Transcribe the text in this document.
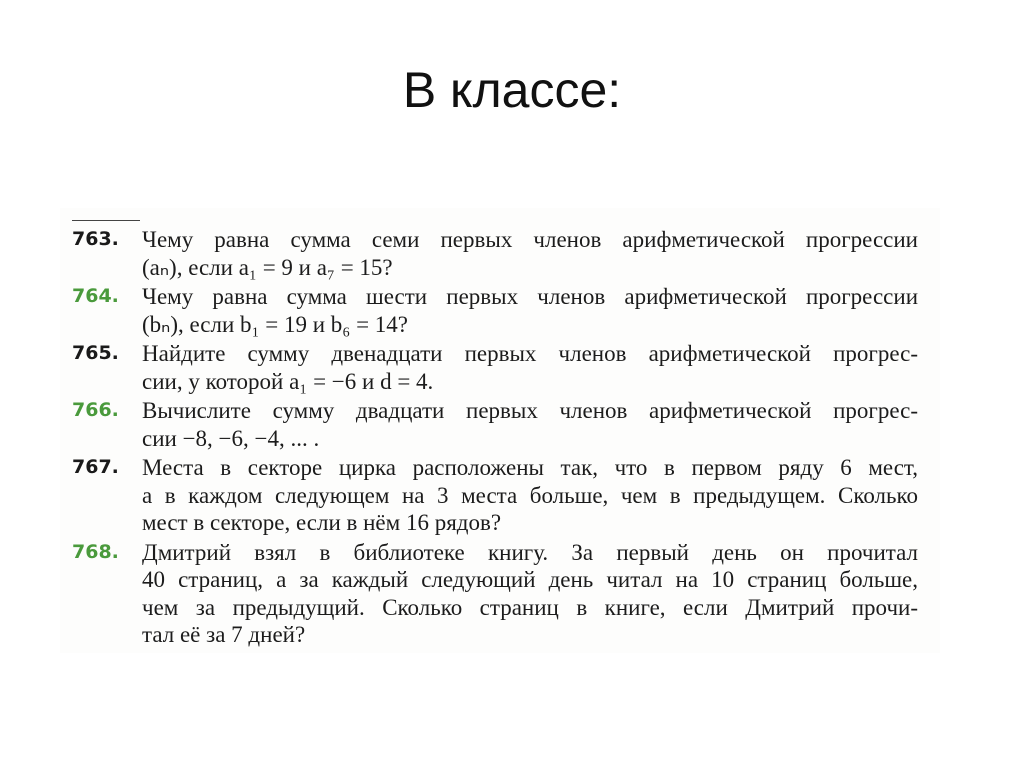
В классе:
763. Чему равна сумма семи первых членов арифметической прогрессии
(aₙ), если a₁ = 9 и a₇ = 15?
764. Чему равна сумма шести первых членов арифметической прогрессии
(bₙ), если b₁ = 19 и b₆ = 14?
765. Найдите сумму двенадцати первых членов арифметической прогрес-
сии, у которой a₁ = −6 и d = 4.
766. Вычислите сумму двадцати первых членов арифметической прогрес-
сии −8, −6, −4, ... .
767. Места в секторе цирка расположены так, что в первом ряду 6 мест,
а в каждом следующем на 3 места больше, чем в предыдущем. Сколько
мест в секторе, если в нём 16 рядов?
768. Дмитрий взял в библиотеке книгу. За первый день он прочитал
40 страниц, а за каждый следующий день читал на 10 страниц больше,
чем за предыдущий. Сколько страниц в книге, если Дмитрий прочи-
тал её за 7 дней?
